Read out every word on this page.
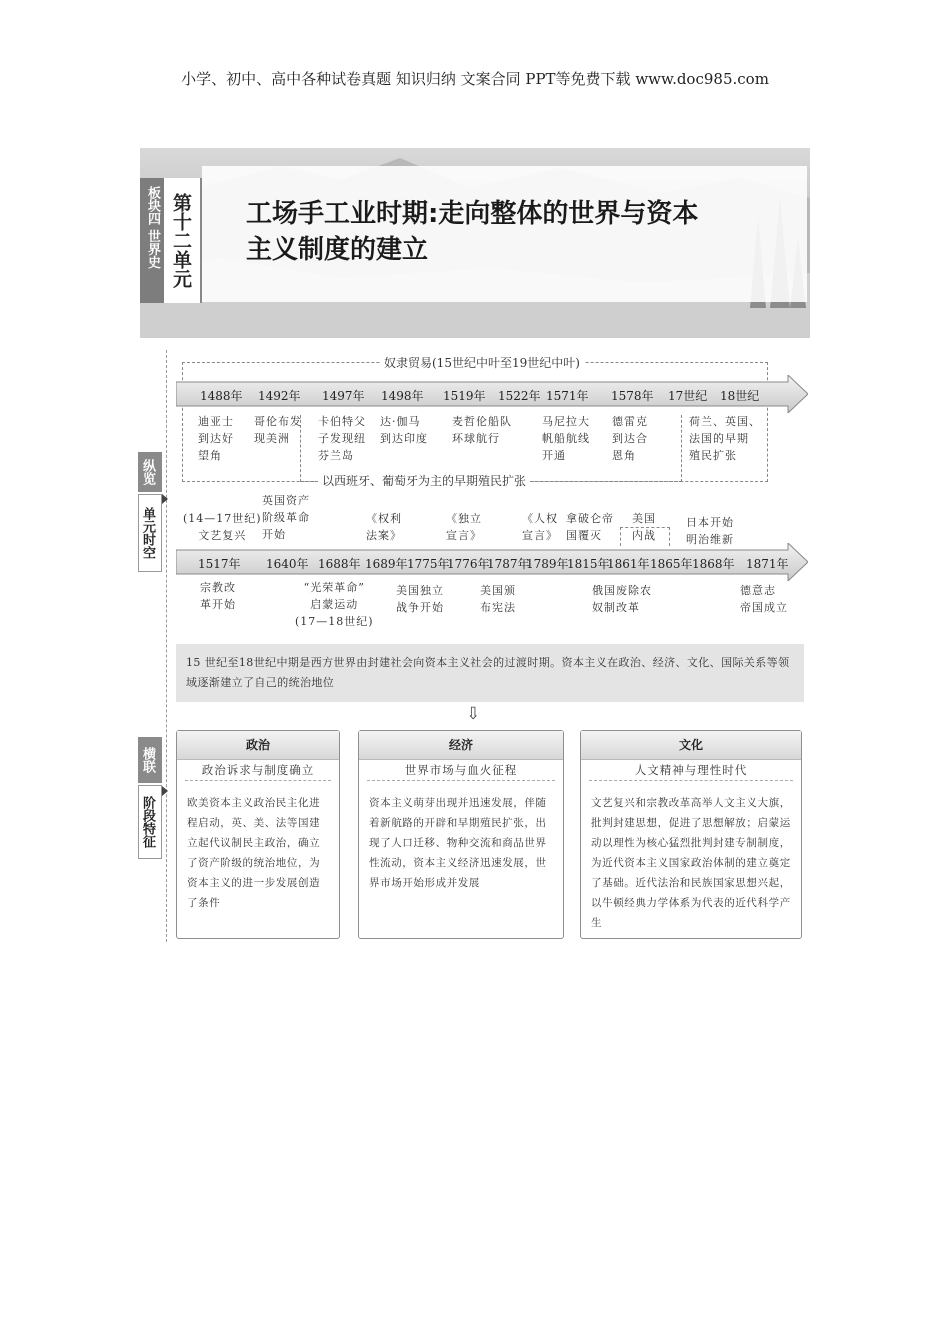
小学、初中、高中各种试卷真题 知识归纳 文案合同 PPT等免费下载 www.doc985.com
板块四 世界史 第十二单元	工场手工业时期:走向整体的世界与资本
主义制度的建立
纵览
单元时空
横联
阶段特征
奴隶贸易(15世纪中叶至19世纪中叶)
以西班牙、葡萄牙为主的早期殖民扩张
1488年 1492年 1497年 1498年 1519年 1522年 1571年 1578年 17世纪 18世纪
迪亚士
到达好
望角
哥伦布发
现美洲
卡伯特父
子发现纽
芬兰岛
达·伽马
到达印度
麦哲伦船队
环球航行
马尼拉大
帆船航线
开通
德雷克
到达合
恩角
荷兰、英国、
法国的早期
殖民扩张
(14—17世纪)
文艺复兴
英国资产
阶级革命
开始
《权利
法案》
《独立
宣言》
《人权
宣言》
拿破仑帝
国覆灭
美国
内战
日本开始
明治维新
1517年 1640年 1688年 1689年 1775年
1776年
1787年
1789年
1815年
1861年 1865年 1868年 1871年
宗教改
革开始
“光荣革命”
启蒙运动
(17—18世纪)
美国独立
战争开始
美国颁
布宪法
俄国废除农
奴制改革
德意志
帝国成立
15 世纪至18世纪中期是西方世界由封建社会向资本主义社会的过渡时期。资本主义在政治、经济、文化、国际关系等领域逐渐建立了自己的统治地位
⇩
政治
政治诉求与制度确立
欧美资本主义政治民主化进程启动，英、美、法等国建立起代议制民主政治，确立了资产阶级的统治地位，为资本主义的进一步发展创造了条件
经济
世界市场与血火征程
资本主义萌芽出现并迅速发展，伴随着新航路的开辟和早期殖民扩张，出现了人口迁移、物种交流和商品世界性流动，资本主义经济迅速发展，世界市场开始形成并发展
文化
人文精神与理性时代
文艺复兴和宗教改革高举人文主义大旗，批判封建思想，促进了思想解放；启蒙运动以理性为核心猛烈批判封建专制制度，为近代资本主义国家政治体制的建立奠定了基础。近代法治和民族国家思想兴起，以牛顿经典力学体系为代表的近代科学产生
